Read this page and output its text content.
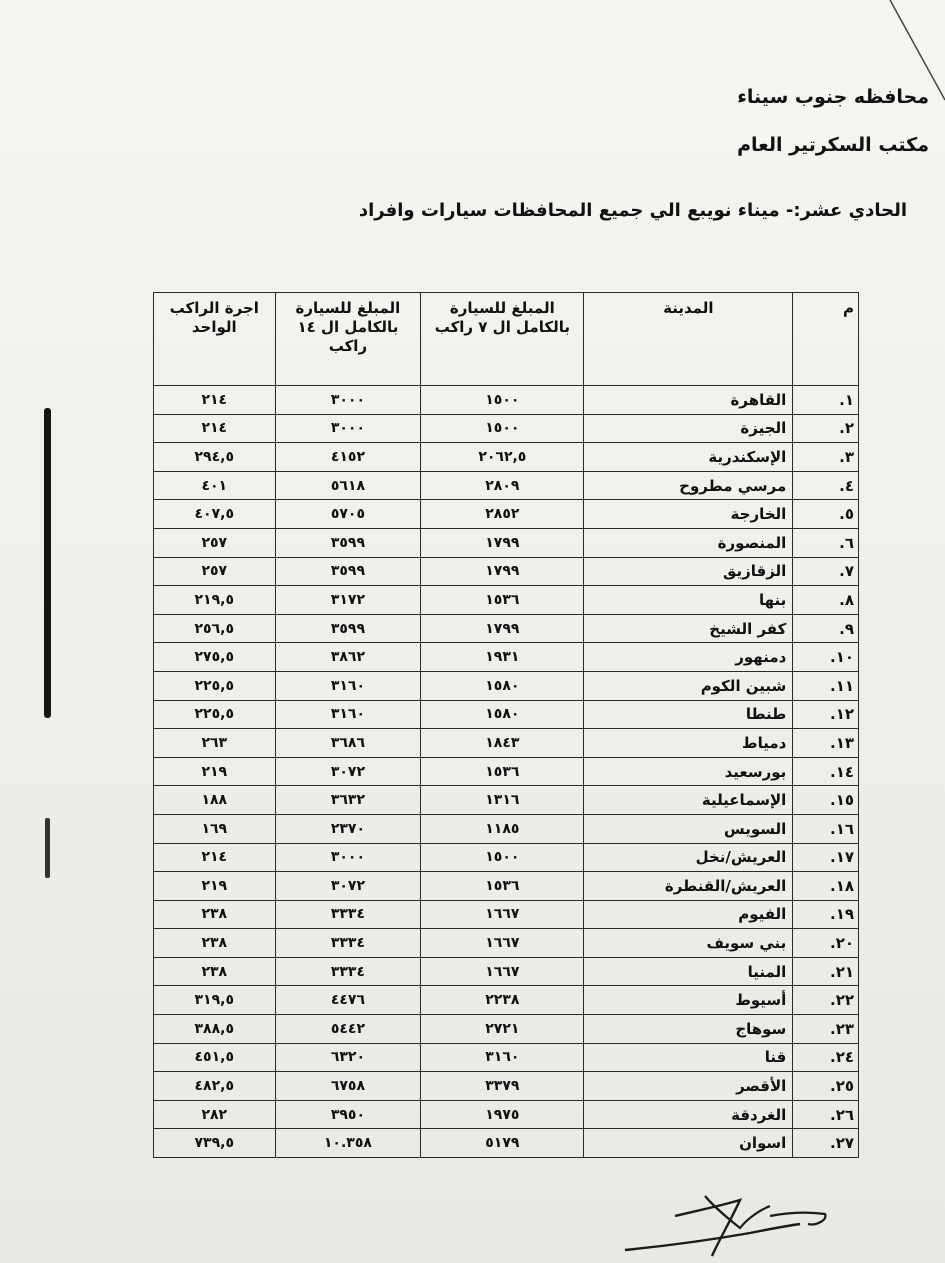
محافظه جنوب سيناء
مكتب السكرتير العام
الحادي عشر:- ميناء نويبع الي جميع المحافظات سيارات وافراد
م	المدينة	المبلغ للسيارة بالكامل ال ٧ راكب	المبلغ للسيارة بالكامل ال ١٤ راكب	اجرة الراكب الواحد
١.	القاهرة	١٥٠٠	٣٠٠٠	٢١٤
٢.	الجيزة	١٥٠٠	٣٠٠٠	٢١٤
٣.	الإسكندرية	٢٠٦٢,٥	٤١٥٢	٢٩٤,٥
٤.	مرسي مطروح	٢٨٠٩	٥٦١٨	٤٠١
٥.	الخارجة	٢٨٥٢	٥٧٠٥	٤٠٧,٥
٦.	المنصورة	١٧٩٩	٣٥٩٩	٢٥٧
٧.	الزقازيق	١٧٩٩	٣٥٩٩	٢٥٧
٨.	بنها	١٥٣٦	٣١٧٢	٢١٩,٥
٩.	كفر الشيخ	١٧٩٩	٣٥٩٩	٢٥٦,٥
١٠.	دمنهور	١٩٣١	٣٨٦٢	٢٧٥,٥
١١.	شبين الكوم	١٥٨٠	٣١٦٠	٢٢٥,٥
١٢.	طنطا	١٥٨٠	٣١٦٠	٢٢٥,٥
١٣.	دمياط	١٨٤٣	٣٦٨٦	٢٦٣
١٤.	بورسعيد	١٥٣٦	٣٠٧٢	٢١٩
١٥.	الإسماعيلية	١٣١٦	٣٦٣٢	١٨٨
١٦.	السويس	١١٨٥	٢٣٧٠	١٦٩
١٧.	العريش/نخل	١٥٠٠	٣٠٠٠	٢١٤
١٨.	العريش/القنطرة	١٥٣٦	٣٠٧٢	٢١٩
١٩.	الفيوم	١٦٦٧	٣٣٣٤	٢٣٨
٢٠.	بني سويف	١٦٦٧	٣٣٣٤	٢٣٨
٢١.	المنيا	١٦٦٧	٣٣٣٤	٢٣٨
٢٢.	أسيوط	٢٢٣٨	٤٤٧٦	٣١٩,٥
٢٣.	سوهاج	٢٧٢١	٥٤٤٢	٣٨٨,٥
٢٤.	قنا	٣١٦٠	٦٣٢٠	٤٥١,٥
٢٥.	الأقصر	٣٣٧٩	٦٧٥٨	٤٨٢,٥
٢٦.	الغردقة	١٩٧٥	٣٩٥٠	٢٨٢
٢٧.	اسوان	٥١٧٩	١٠.٣٥٨	٧٣٩,٥
